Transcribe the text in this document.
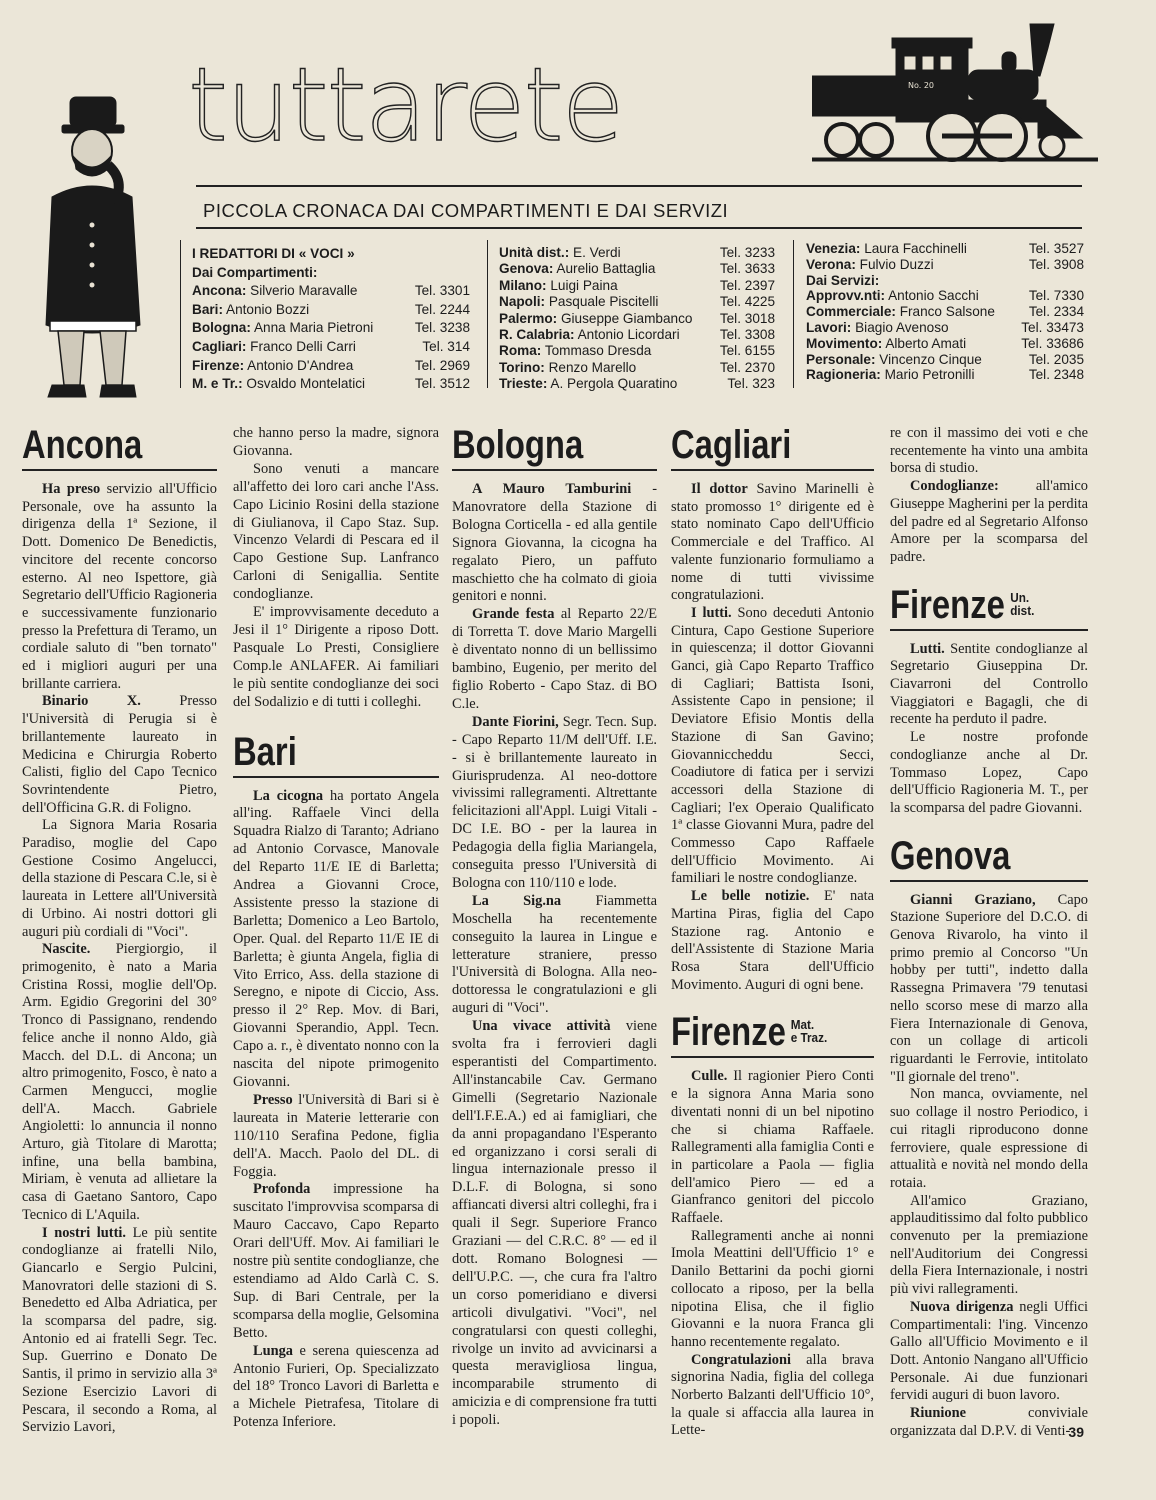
tuttarete	No. 20
PICCOLA CRONACA DAI COMPARTIMENTI E DAI SERVIZI
I REDATTORI DI « VOCI »
Dai Compartimenti:
Ancona: Silverio Maravalle	Tel. 3301
Bari: Antonio Bozzi	Tel. 2244
Bologna: Anna Maria Pietroni	Tel. 3238
Cagliari: Franco Delli Carri	Tel. 314
Firenze: Antonio D'Andrea	Tel. 2969
M. e Tr.: Osvaldo Montelatici	Tel. 3512
Unità dist.: E. Verdi	Tel. 3233
Genova: Aurelio Battaglia	Tel. 3633
Milano: Luigi Paina	Tel. 2397
Napoli: Pasquale Piscitelli	Tel. 4225
Palermo: Giuseppe Giambanco Tel. 3018
R. Calabria: Antonio Licordari	Tel. 3308
Roma: Tommaso Dresda	Tel. 6155
Torino: Renzo Marello	Tel. 2370
Trieste: A. Pergola Quaratino	Tel. 323
Venezia: Laura Facchinelli	Tel. 3527
Verona: Fulvio Duzzi	Tel. 3908
Dai Servizi:
Approvv.nti: Antonio Sacchi	Tel. 7330
Commerciale: Franco Salsone Tel. 2334
Lavori: Biagio Avenoso	Tel. 33473
Movimento: Alberto Amati	Tel. 33686
Personale: Vincenzo Cinque	Tel. 2035
Ragioneria: Mario Petronilli	Tel. 2348
Ancona

Ha preso servizio all'Ufficio Personale, ove ha assunto la dirigenza della 1ª Sezione, il Dott. Domenico De Benedictis, vincitore del recente concorso esterno. Al neo Ispettore, già Segretario dell'Ufficio Ragioneria e successivamente funzionario presso la Prefettura di Teramo, un cordiale saluto di "ben tornato" ed i migliori auguri per una brillante carriera.

Binario X. Presso l'Università di Perugia si è brillantemente laureato in Medicina e Chirurgia Roberto Calisti, figlio del Capo Tecnico Sovrintendente Pietro, dell'Officina G.R. di Foligno.

La Signora Maria Rosaria Paradiso, moglie del Capo Gestione Cosimo Angelucci, della stazione di Pescara C.le, si è laureata in Lettere all'Università di Urbino. Ai nostri dottori gli auguri più cordiali di "Voci".

Nascite. Piergiorgio, il primogenito, è nato a Maria Cristina Rossi, moglie dell'Op. Arm. Egidio Gregorini del 30° Tronco di Passignano, rendendo felice anche il nonno Aldo, già Macch. del D.L. di Ancona; un altro primogenito, Fosco, è nato a Carmen Mengucci, moglie dell'A. Macch. Gabriele Angioletti: lo annuncia il nonno Arturo, già Titolare di Marotta; infine, una bella bambina, Miriam, è venuta ad allietare la casa di Gaetano Santoro, Capo Tecnico di L'Aquila.

I nostri lutti. Le più sentite condoglianze ai fratelli Nilo, Giancarlo e Sergio Pulcini, Manovratori delle stazioni di S. Benedetto ed Alba Adriatica, per la scomparsa del padre, sig. Antonio ed ai fratelli Segr. Tec. Sup. Guerrino e Donato De Santis, il primo in servizio alla 3ª Sezione Esercizio Lavori di Pescara, il secondo a Roma, al Servizio Lavori,

che hanno perso la madre, signora Giovanna.

Sono venuti a mancare all'affetto dei loro cari anche l'Ass. Capo Licinio Rosini della stazione di Giulianova, il Capo Staz. Sup. Vincenzo Velardi di Pescara ed il Capo Gestione Sup. Lanfranco Carloni di Senigallia. Sentite condoglianze.

E' improvvisamente deceduto a Jesi il 1° Dirigente a riposo Dott. Pasquale Lo Presti, Consigliere Comp.le ANLAFER. Ai familiari le più sentite condoglianze dei soci del Sodalizio e di tutti i colleghi.

Bari

La cicogna ha portato Angela all'ing. Raffaele Vinci della Squadra Rialzo di Taranto; Adriano ad Antonio Corvasce, Manovale del Reparto 11/E IE di Barletta; Andrea a Giovanni Croce, Assistente presso la stazione di Barletta; Domenico a Leo Bartolo, Oper. Qual. del Reparto 11/E IE di Barletta; è giunta Angela, figlia di Vito Errico, Ass. della stazione di Seregno, e nipote di Ciccio, Ass. presso il 2° Rep. Mov. di Bari, Giovanni Sperandio, Appl. Tecn. Capo a. r., è diventato nonno con la nascita del nipote primogenito Giovanni.

Presso l'Università di Bari si è laureata in Materie letterarie con 110/110 Serafina Pedone, figlia dell'A. Macch. Paolo del DL. di Foggia.

Profonda impressione ha suscitato l'improvvisa scomparsa di Mauro Caccavo, Capo Reparto Orari dell'Uff. Mov. Ai familiari le nostre più sentite condoglianze, che estendiamo ad Aldo Carlà C. S. Sup. di Bari Centrale, per la scomparsa della moglie, Gelsomina Betto.

Lunga e serena quiescenza ad Antonio Furieri, Op. Specializzato del 18° Tronco Lavori di Barletta e a Michele Pietrafesa, Titolare di Potenza Inferiore.

Bologna

A Mauro Tamburini - Manovratore della Stazione di Bologna Corticella - ed alla gentile Signora Giovanna, la cicogna ha regalato Piero, un paffuto maschietto che ha colmato di gioia genitori e nonni.

Grande festa al Reparto 22/E di Torretta T. dove Mario Margelli è diventato nonno di un bellissimo bambino, Eugenio, per merito del figlio Roberto - Capo Staz. di BO C.le.

Dante Fiorini, Segr. Tecn. Sup. - Capo Reparto 11/M dell'Uff. I.E. - si è brillantemente laureato in Giurisprudenza. Al neo-dottore vivissimi rallegramenti. Altrettante felicitazioni all'Appl. Luigi Vitali - DC I.E. BO - per la laurea in Pedagogia della figlia Mariangela, conseguita presso l'Università di Bologna con 110/110 e lode.

La Sig.na Fiammetta Moschella ha recentemente conseguito la laurea in Lingue e letterature straniere, presso l'Università di Bologna. Alla neo-dottoressa le congratulazioni e gli auguri di "Voci".

Una vivace attività viene svolta fra i ferrovieri dagli esperantisti del Compartimento. All'instancabile Cav. Germano Gimelli (Segretario Nazionale dell'I.F.E.A.) ed ai famigliari, che da anni propagandano l'Esperanto ed organizzano i corsi serali di lingua internazionale presso il D.L.F. di Bologna, si sono affiancati diversi altri colleghi, fra i quali il Segr. Superiore Franco Graziani — del C.R.C. 8° — ed il dott. Romano Bolognesi — dell'U.P.C. —, che cura fra l'altro un corso pomeridiano e diversi articoli divulgativi. "Voci", nel congratularsi con questi colleghi, rivolge un invito ad avvicinarsi a questa meravigliosa lingua, incomparabile strumento di amicizia e di comprensione fra tutti i popoli.

Cagliari

Il dottor Savino Marinelli è stato promosso 1° dirigente ed è stato nominato Capo dell'Ufficio Commerciale e del Traffico. Al valente funzionario formuliamo a nome di tutti vivissime congratulazioni.

I lutti. Sono deceduti Antonio Cintura, Capo Gestione Superiore in quiescenza; il dottor Giovanni Ganci, già Capo Reparto Traffico di Cagliari; Battista Isoni, Assistente Capo in pensione; il Deviatore Efisio Montis della Stazione di San Gavino; Giovanniccheddu Secci, Coadiutore di fatica per i servizi accessori della Stazione di Cagliari; l'ex Operaio Qualificato 1ª classe Giovanni Mura, padre del Commesso Capo Raffaele dell'Ufficio Movimento. Ai familiari le nostre condoglianze.

Le belle notizie. E' nata Martina Piras, figlia del Capo Stazione rag. Antonio e dell'Assistente di Stazione Maria Rosa Stara dell'Ufficio Movimento. Auguri di ogni bene.

Firenze Mat.
e Traz.

Culle. Il ragionier Piero Conti e la signora Anna Maria sono diventati nonni di un bel nipotino che si chiama Raffaele. Rallegramenti alla famiglia Conti e in particolare a Paola — figlia dell'amico Piero — ed a Gianfranco genitori del piccolo Raffaele.

Rallegramenti anche ai nonni Imola Meattini dell'Ufficio 1° e Danilo Bettarini da pochi giorni collocato a riposo, per la bella nipotina Elisa, che il figlio Giovanni e la nuora Franca gli hanno recentemente regalato.

Congratulazioni alla brava signorina Nadia, figlia del collega Norberto Balzanti dell'Ufficio 10°, la quale si affaccia alla laurea in Lette-

re con il massimo dei voti e che recentemente ha vinto una ambita borsa di studio.

Condoglianze: all'amico Giuseppe Magherini per la perdita del padre ed al Segretario Alfonso Amore per la scomparsa del padre.

Firenze Un.
dist.

Lutti. Sentite condoglianze al Segretario Giuseppina Dr. Ciavarroni del Controllo Viaggiatori e Bagagli, che di recente ha perduto il padre.

Le nostre profonde condoglianze anche al Dr. Tommaso Lopez, Capo dell'Ufficio Ragioneria M. T., per la scomparsa del padre Giovanni.

Genova

Gianni Graziano, Capo Stazione Superiore del D.C.O. di Genova Rivarolo, ha vinto il primo premio al Concorso "Un hobby per tutti", indetto dalla Rassegna Primavera '79 tenutasi nello scorso mese di marzo alla Fiera Internazionale di Genova, con un collage di articoli riguardanti le Ferrovie, intitolato "Il giornale del treno".

Non manca, ovviamente, nel suo collage il nostro Periodico, i cui ritagli riproducono donne ferroviere, quale espressione di attualità e novità nel mondo della rotaia.

All'amico Graziano, applauditissimo dal folto pubblico convenuto per la premiazione nell'Auditorium dei Congressi della Fiera Internazionale, i nostri più vivi rallegramenti.

Nuova dirigenza negli Uffici Compartimentali: l'ing. Vincenzo Gallo all'Ufficio Movimento e il Dott. Antonio Nangano all'Ufficio Personale. Ai due funzionari fervidi auguri di buon lavoro.

Riunione conviviale organizzata dal D.P.V. di Venti-

39
